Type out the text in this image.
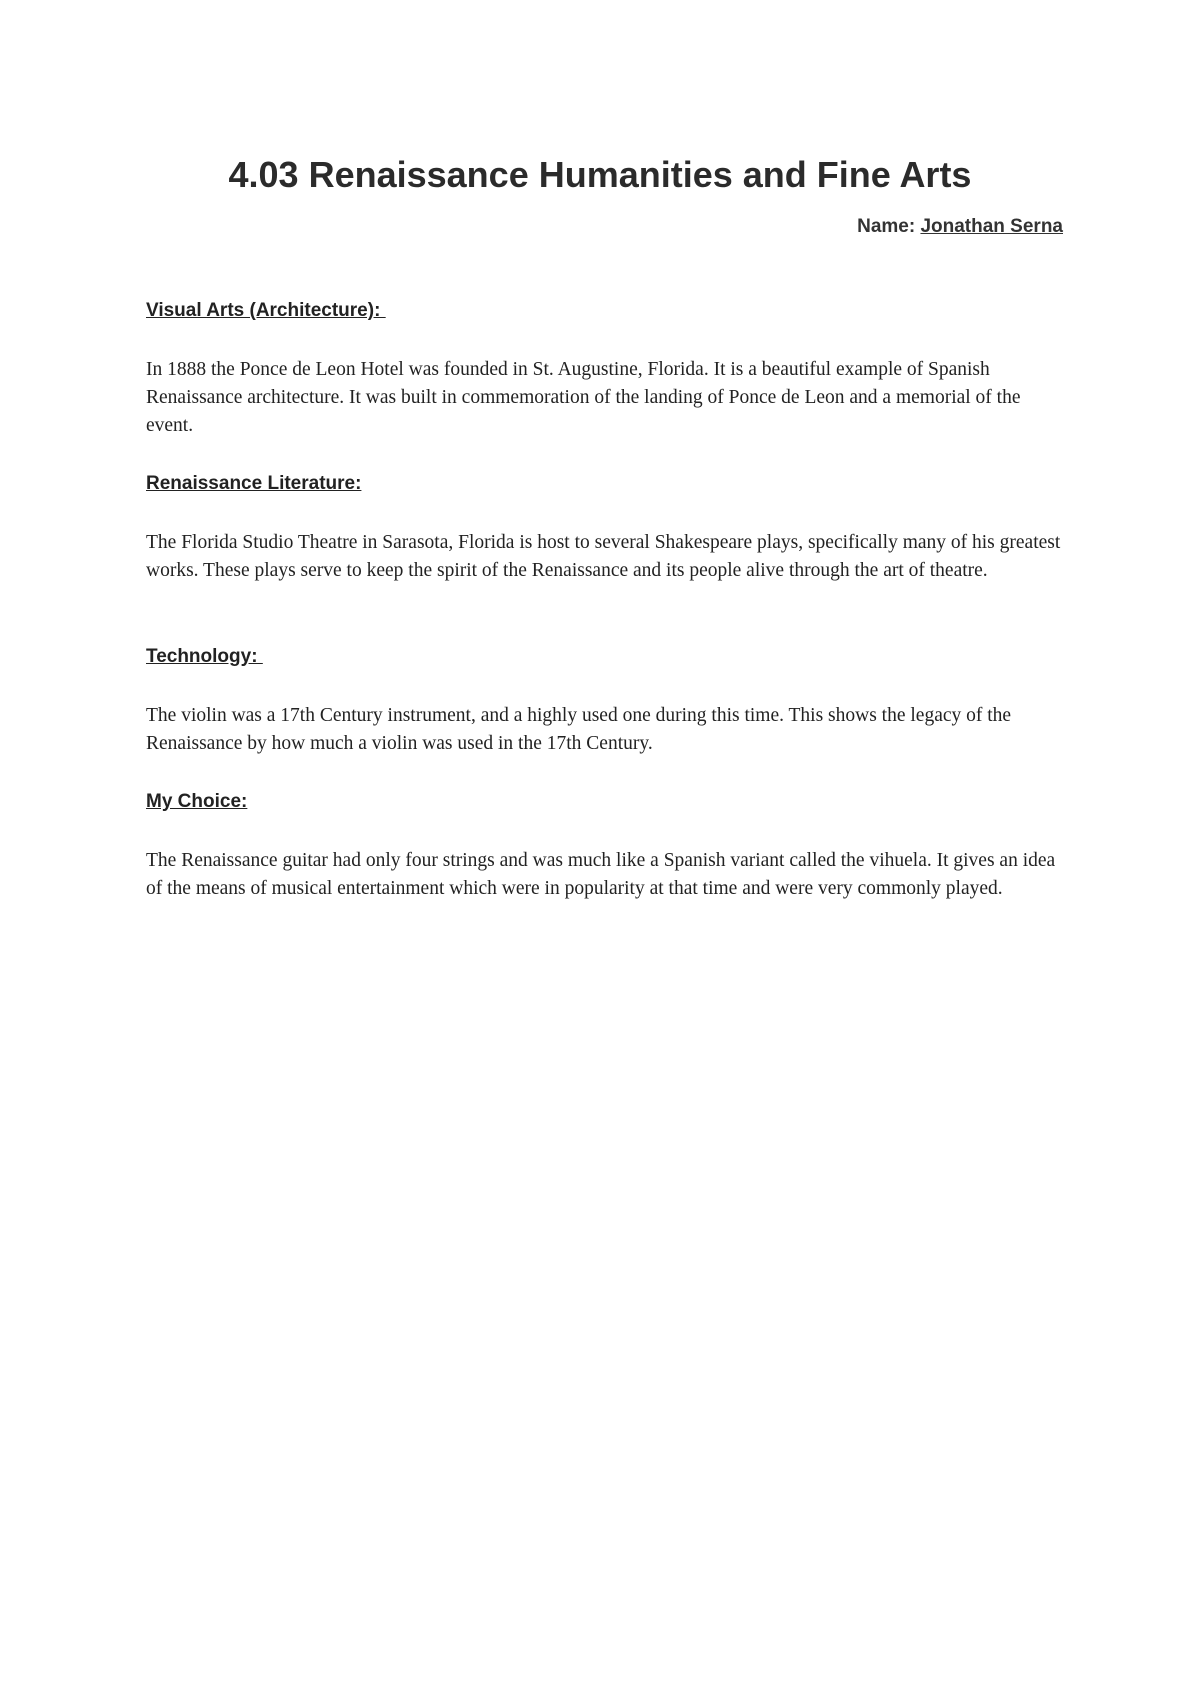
4.03 Renaissance Humanities and Fine Arts
Name: Jonathan Serna
Visual Arts (Architecture):

In 1888 the Ponce de Leon Hotel was founded in St. Augustine, Florida. It is a beautiful example of Spanish Renaissance architecture. It was built in commemoration of the landing of Ponce de Leon and a memorial of the event.

Renaissance Literature:

The Florida Studio Theatre in Sarasota, Florida is host to several Shakespeare plays, specifically many of his greatest works. These plays serve to keep the spirit of the Renaissance and its people alive through the art of theatre.

Technology:

The violin was a 17th Century instrument, and a highly used one during this time. This shows the legacy of the Renaissance by how much a violin was used in the 17th Century.

My Choice:

The Renaissance guitar had only four strings and was much like a Spanish variant called the vihuela. It gives an idea of the means of musical entertainment which were in popularity at that time and were very commonly played.
